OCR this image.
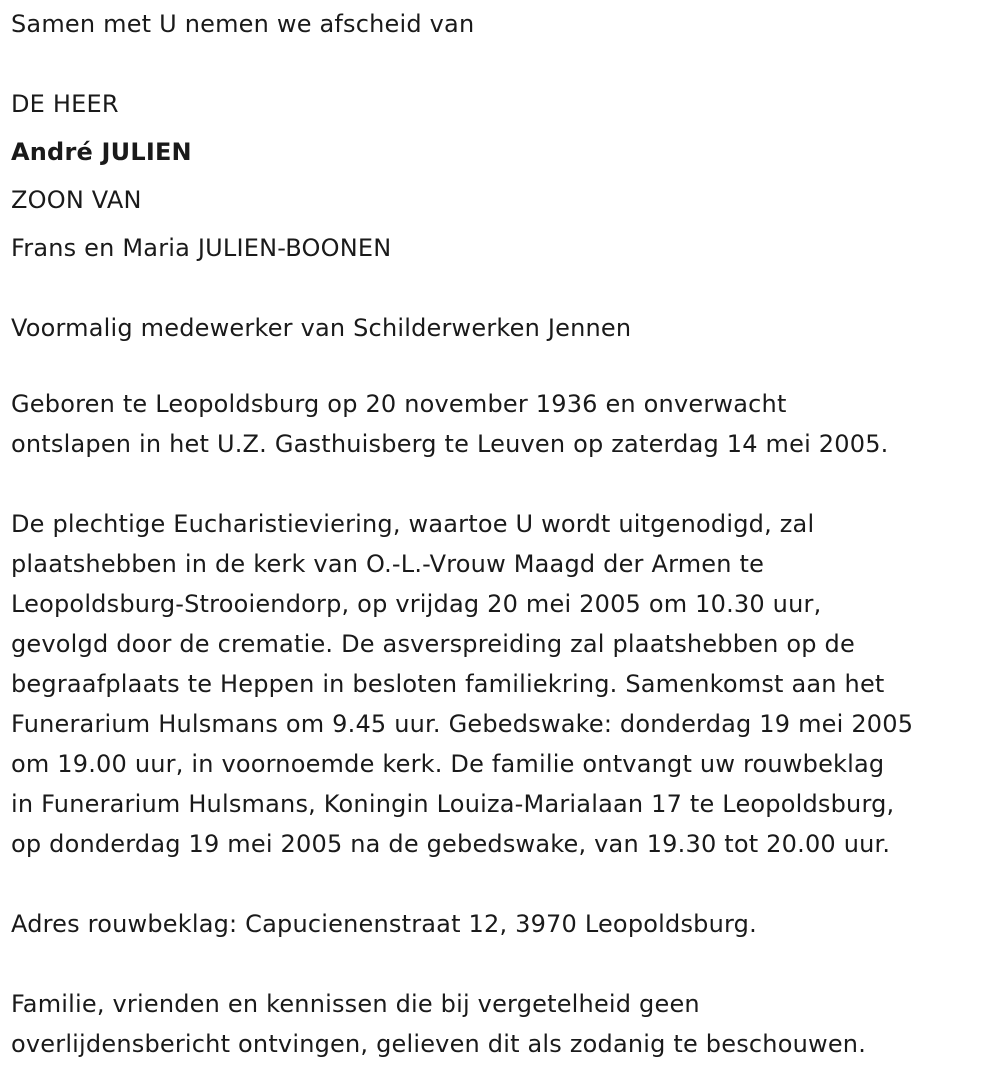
Samen met U nemen we afscheid van
DE HEER
André JULIEN
ZOON VAN
Frans en Maria JULIEN-BOONEN
Voormalig medewerker van Schilderwerken Jennen
Geboren te Leopoldsburg op 20 november 1936 en onverwacht
ontslapen in het U.Z. Gasthuisberg te Leuven op zaterdag 14 mei 2005.
De plechtige Eucharistieviering, waartoe U wordt uitgenodigd, zal
plaatshebben in de kerk van O.-L.-Vrouw Maagd der Armen te
Leopoldsburg-Strooiendorp, op vrijdag 20 mei 2005 om 10.30 uur,
gevolgd door de crematie. De asverspreiding zal plaatshebben op de
begraafplaats te Heppen in besloten familiekring. Samenkomst aan het
Funerarium Hulsmans om 9.45 uur. Gebedswake: donderdag 19 mei 2005
om 19.00 uur, in voornoemde kerk. De familie ontvangt uw rouwbeklag
in Funerarium Hulsmans, Koningin Louiza-Marialaan 17 te Leopoldsburg,
op donderdag 19 mei 2005 na de gebedswake, van 19.30 tot 20.00 uur.
Adres rouwbeklag: Capucienenstraat 12, 3970 Leopoldsburg.
Familie, vrienden en kennissen die bij vergetelheid geen
overlijdensbericht ontvingen, gelieven dit als zodanig te beschouwen.
